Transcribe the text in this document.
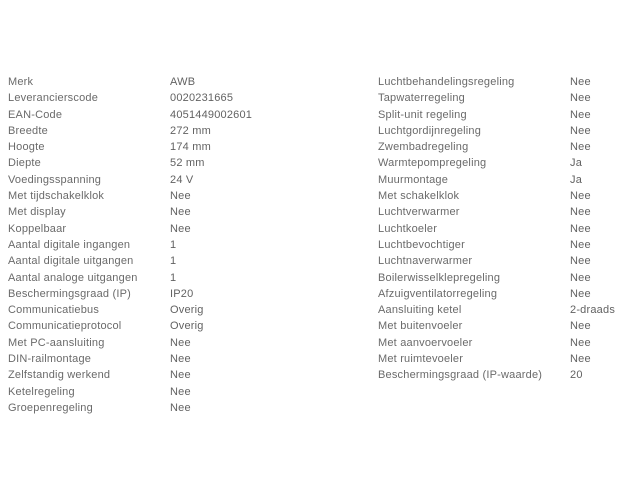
Merk	AWB
Leverancierscode	0020231665
EAN-Code	4051449002601
Breedte	272 mm
Hoogte	174 mm
Diepte	52 mm
Voedingsspanning	24 V
Met tijdschakelklok	Nee
Met display	Nee
Koppelbaar	Nee
Aantal digitale ingangen	1
Aantal digitale uitgangen	1
Aantal analoge uitgangen	1
Beschermingsgraad (IP)	IP20
Communicatiebus	Overig
Communicatieprotocol	Overig
Met PC-aansluiting	Nee
DIN-railmontage	Nee
Zelfstandig werkend	Nee
Ketelregeling	Nee
Groepenregeling	Nee
Luchtbehandelingsregeling	Nee
Tapwaterregeling	Nee
Split-unit regeling	Nee
Luchtgordijnregeling	Nee
Zwembadregeling	Nee
Warmtepompregeling	Ja
Muurmontage	Ja
Met schakelklok	Nee
Luchtverwarmer	Nee
Luchtkoeler	Nee
Luchtbevochtiger	Nee
Luchtnaverwarmer	Nee
Boilerwisselklepregeling	Nee
Afzuigventilatorregeling	Nee
Aansluiting ketel	2-draads
Met buitenvoeler	Nee
Met aanvoervoeler	Nee
Met ruimtevoeler	Nee
Beschermingsgraad (IP-waarde)	20
